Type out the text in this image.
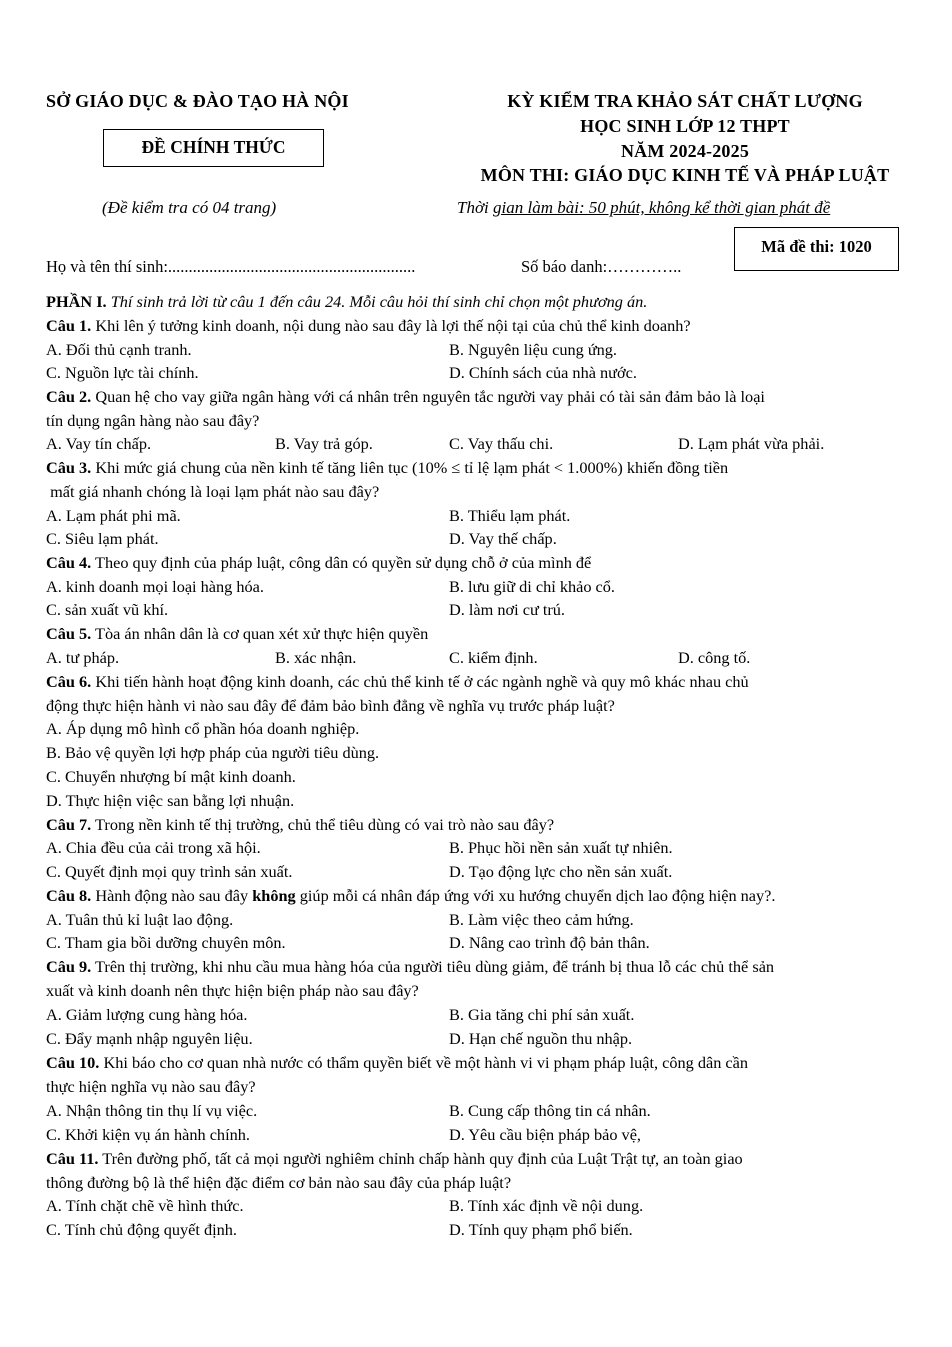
SỞ GIÁO DỤC & ĐÀO TẠO HÀ NỘI
ĐỀ CHÍNH THỨC
(Đề kiểm tra có 04 trang)
KỲ KIỂM TRA KHẢO SÁT CHẤT LƯỢNG
HỌC SINH LỚP 12 THPT
NĂM 2024-2025
MÔN THI: GIÁO DỤC KINH TẾ VÀ PHÁP LUẬT
Thời gian làm bài: 50 phút, không kể thời gian phát đề
Mã đề thi: 1020
Họ và tên thí sinh:............................................................	Số báo danh:…………..
PHẦN I. Thí sinh trả lời từ câu 1 đến câu 24. Mỗi câu hỏi thí sinh chỉ chọn một phương án.
Câu 1. Khi lên ý tưởng kinh doanh, nội dung nào sau đây là lợi thế nội tại của chủ thể kinh doanh?
A. Đối thủ cạnh tranh.	B. Nguyên liệu cung ứng.
C. Nguồn lực tài chính.	D. Chính sách của nhà nước.
Câu 2. Quan hệ cho vay giữa ngân hàng với cá nhân trên nguyên tắc người vay phải có tài sản đảm bảo là loại
tín dụng ngân hàng nào sau đây?
A. Vay tín chấp.	B. Vay trả góp.	C. Vay thấu chi.	D. Lạm phát vừa phải.
Câu 3. Khi mức giá chung của nền kinh tế tăng liên tục (10% ≤ tỉ lệ lạm phát < 1.000%) khiến đồng tiền
mất giá nhanh chóng là loại lạm phát nào sau đây?
A. Lạm phát phi mã.	B. Thiểu lạm phát.
C. Siêu lạm phát.	D. Vay thế chấp.
Câu 4. Theo quy định của pháp luật, công dân có quyền sử dụng chỗ ở của mình để
A. kinh doanh mọi loại hàng hóa.	B. lưu giữ di chỉ khảo cổ.
C. sản xuất vũ khí.	D. làm nơi cư trú.
Câu 5. Tòa án nhân dân là cơ quan xét xử thực hiện quyền
A. tư pháp.	B. xác nhận.	C. kiểm định.	D. công tố.
Câu 6. Khi tiến hành hoạt động kinh doanh, các chủ thể kinh tế ở các ngành nghề và quy mô khác nhau chủ
động thực hiện hành vi nào sau đây để đảm bảo bình đẳng về nghĩa vụ trước pháp luật?
A. Áp dụng mô hình cổ phần hóa doanh nghiệp.
B. Bảo vệ quyền lợi hợp pháp của người tiêu dùng.
C. Chuyển nhượng bí mật kinh doanh.
D. Thực hiện việc san bằng lợi nhuận.
Câu 7. Trong nền kinh tế thị trường, chủ thể tiêu dùng có vai trò nào sau đây?
A. Chia đều của cải trong xã hội.	B. Phục hồi nền sản xuất tự nhiên.
C. Quyết định mọi quy trình sản xuất.	D. Tạo động lực cho nền sản xuất.
Câu 8. Hành động nào sau đây không giúp mỗi cá nhân đáp ứng với xu hướng chuyển dịch lao động hiện nay?.
A. Tuân thủ kỉ luật lao động.	B. Làm việc theo cảm hứng.
C. Tham gia bồi dưỡng chuyên môn.	D. Nâng cao trình độ bản thân.
Câu 9. Trên thị trường, khi nhu cầu mua hàng hóa của người tiêu dùng giảm, để tránh bị thua lỗ các chủ thể sản
xuất và kinh doanh nên thực hiện biện pháp nào sau đây?
A. Giảm lượng cung hàng hóa.	B. Gia tăng chi phí sản xuất.
C. Đẩy mạnh nhập nguyên liệu.	D. Hạn chế nguồn thu nhập.
Câu 10. Khi báo cho cơ quan nhà nước có thẩm quyền biết về một hành vi vi phạm pháp luật, công dân cần
thực hiện nghĩa vụ nào sau đây?
A. Nhận thông tin thụ lí vụ việc.	B. Cung cấp thông tin cá nhân.
C. Khởi kiện vụ án hành chính.	D. Yêu cầu biện pháp bảo vệ,
Câu 11. Trên đường phố, tất cả mọi người nghiêm chỉnh chấp hành quy định của Luật Trật tự, an toàn giao
thông đường bộ là thể hiện đặc điểm cơ bản nào sau đây của pháp luật?
A. Tính chặt chẽ về hình thức.	B. Tính xác định về nội dung.
C. Tính chủ động quyết định.	D. Tính quy phạm phổ biến.
